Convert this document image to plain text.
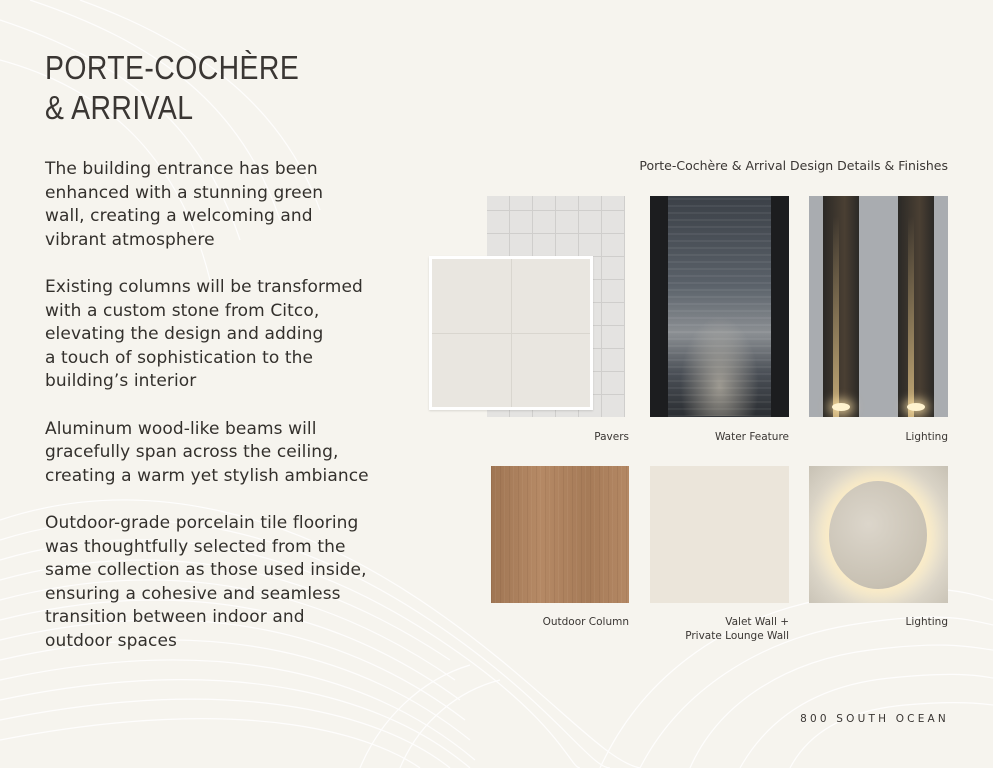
PORTE-COCHÈRE
& ARRIVAL

The building entrance has been
enhanced with a stunning green
wall, creating a welcoming and
vibrant atmosphere

Existing columns will be transformed
with a custom stone from Citco,
elevating the design and adding
a touch of sophistication to the
building’s interior

Aluminum wood-like beams will
gracefully span across the ceiling,
creating a warm yet stylish ambiance

Outdoor-grade porcelain tile flooring
was thoughtfully selected from the
same collection as those used inside,
ensuring a cohesive and seamless
transition between indoor and
outdoor spaces

Porte-Cochère & Arrival Design Details & Finishes
Pavers	Water Feature	Lighting
Outdoor Column	Valet Wall +
Private Lounge Wall
Lighting
800 SOUTH OCEAN
